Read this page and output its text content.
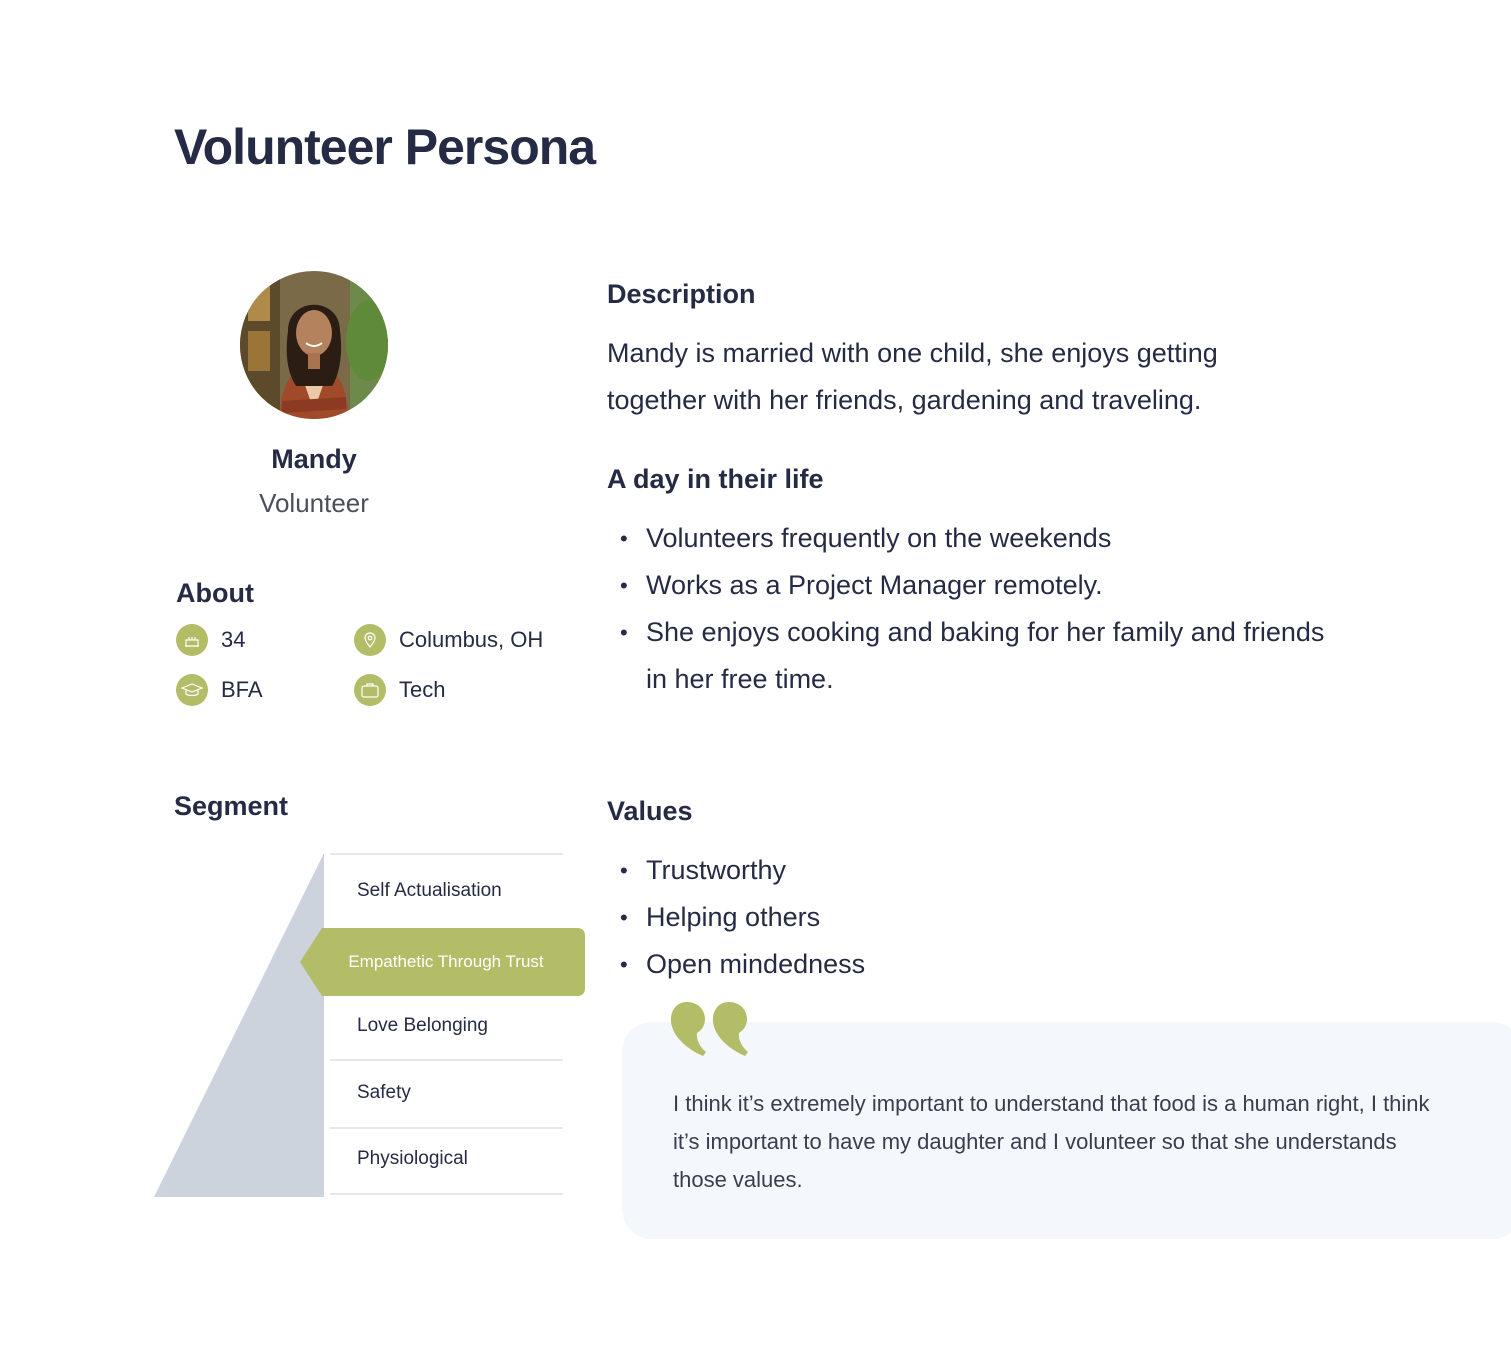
Volunteer Persona
Mandy
Volunteer
About
34	Columbus, OH
BFA	Tech
Segment
Self Actualisation
Empathetic Through Trust
Love Belonging
Safety
Physiological
Description

Mandy is married with one child, she enjoys getting together with her friends, gardening and traveling.

A day in their life
• Volunteers frequently on the weekends
• Works as a Project Manager remotely.
• She enjoys cooking and baking for her family and friends in her free time.
Values
• Trustworthy
• Helping others
• Open mindedness

I think it’s extremely important to understand that food is a human right, I think it’s important to have my daughter and I volunteer so that she understands those values.
